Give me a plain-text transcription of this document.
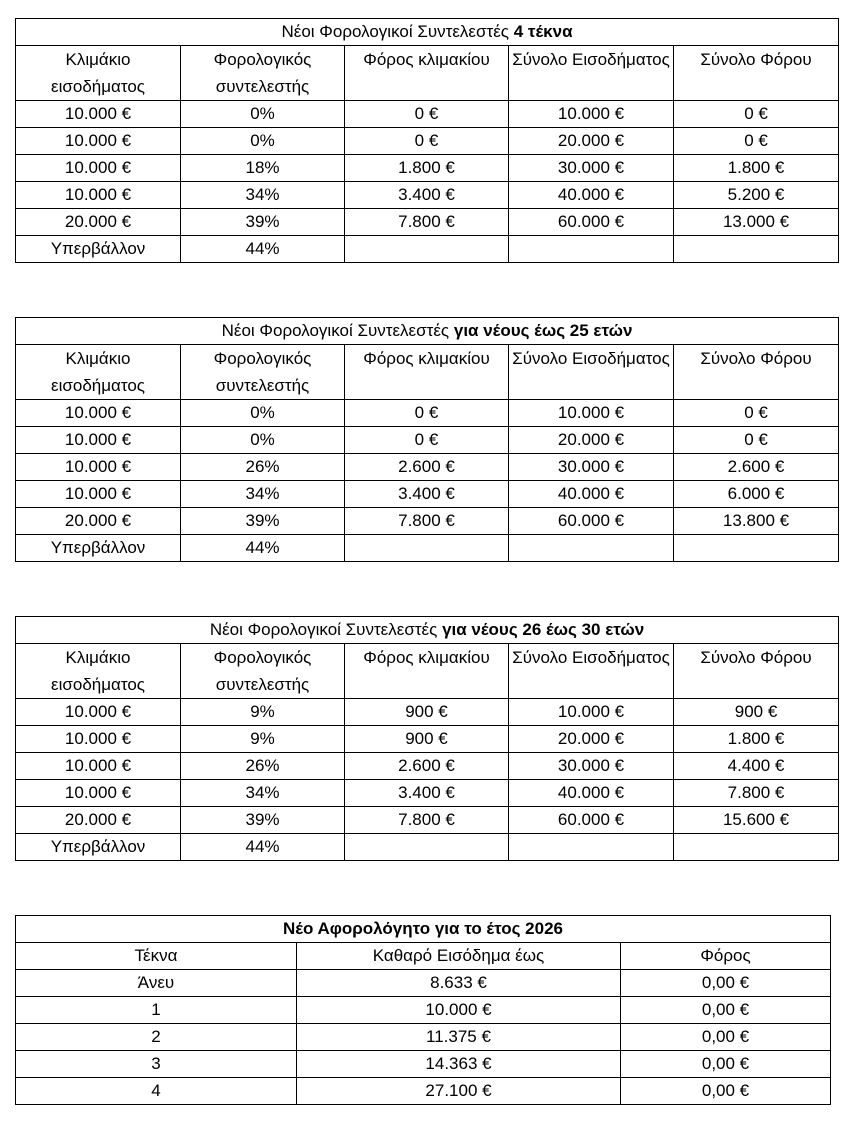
Νέοι Φορολογικοί Συντελεστές 4 τέκνα				
Κλιμάκιο εισοδήματος	Φορολογικός συντελεστής	Φόρος κλιμακίου	Σύνολο Εισοδήματος	Σύνολο Φόρου
10.000 €	0%	0 €	10.000 €	0 €
10.000 €	0%	0 €	20.000 €	0 €
10.000 €	18%	1.800 €	30.000 €	1.800 €
10.000 €	34%	3.400 €	40.000 €	5.200 €
20.000 €	39%	7.800 €	60.000 €	13.000 €
Υπερβάλλον	44%			
Νέοι Φορολογικοί Συντελεστές για νέους έως 25 ετών				
Κλιμάκιο εισοδήματος	Φορολογικός συντελεστής	Φόρος κλιμακίου	Σύνολο Εισοδήματος	Σύνολο Φόρου
10.000 €	0%	0 €	10.000 €	0 €
10.000 €	0%	0 €	20.000 €	0 €
10.000 €	26%	2.600 €	30.000 €	2.600 €
10.000 €	34%	3.400 €	40.000 €	6.000 €
20.000 €	39%	7.800 €	60.000 €	13.800 €
Υπερβάλλον	44%			
Νέοι Φορολογικοί Συντελεστές για νέους 26 έως 30 ετών				
Κλιμάκιο εισοδήματος	Φορολογικός συντελεστής	Φόρος κλιμακίου	Σύνολο Εισοδήματος	Σύνολο Φόρου
10.000 €	9%	900 €	10.000 €	900 €
10.000 €	9%	900 €	20.000 €	1.800 €
10.000 €	26%	2.600 €	30.000 €	4.400 €
10.000 €	34%	3.400 €	40.000 €	7.800 €
20.000 €	39%	7.800 €	60.000 €	15.600 €
Υπερβάλλον	44%			
Νέο Αφορολόγητο για το έτος 2026		
Τέκνα	Καθαρό Εισόδημα έως	Φόρος
Άνευ	8.633 €	0,00 €
1	10.000 €	0,00 €
2	11.375 €	0,00 €
3	14.363 €	0,00 €
4	27.100 €	0,00 €
